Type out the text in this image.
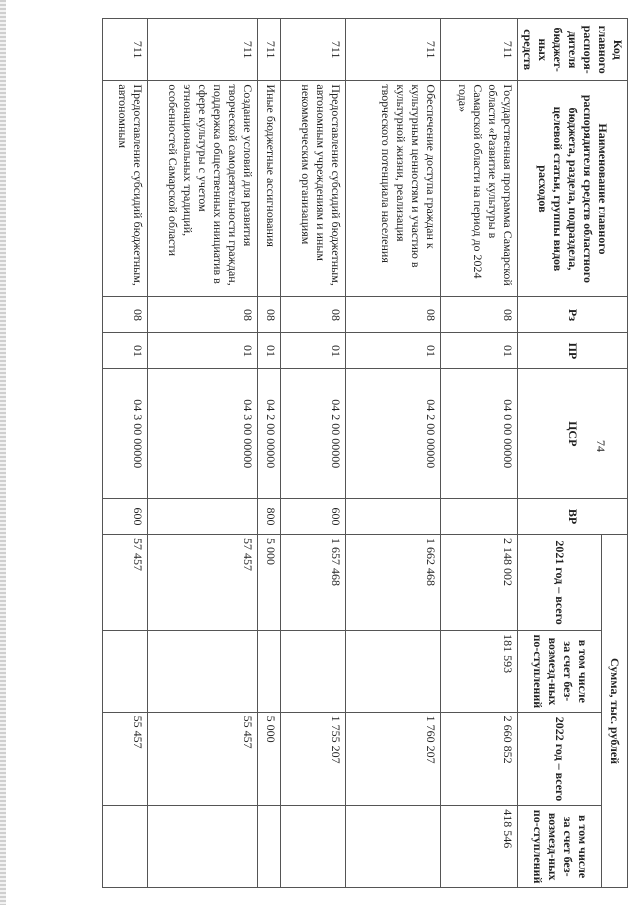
74
Код главного распоря-дителя бюджет-ных средств	Наименование главного распорядителя средств областного бюджета, раздела, подраздела, целевой статьи, группы видов расходов	Рз	ПР	ЦСР	ВР	Сумма, тыс. рублей			
						2021 год – всего	в том числе за счет без-возмезд-ных по-ступлений	2022 год – всего	в том числе за счет без-возмезд-ных по-ступлений
711	Государственная программа Самарской области «Развитие культуры в Самарской области на период до 2024 года»	08	01	04 0 00 00000		2 148 002	181 593	2 660 852	418 546
711	Обеспечение доступа граждан к культурным ценностям и участию в культурной жизни, реализация творческого потенциала населения	08	01	04 2 00 00000		1 662 468		1 760 207	
711	Предоставление субсидий бюджетным, автономным учреждениям и иным некоммерческим организациям	08	01	04 2 00 00000	600	1 657 468		1 755 207	
711	Иные бюджетные ассигнования	08	01	04 2 00 00000	800	5 000		5 000	
711	Создание условий для развития творческой самодеятельности граждан, поддержка общественных инициатив в сфере культуры с учетом этнонациональных традиций, особенностей Самарской области	08	01	04 3 00 00000		57 457		55 457	
711	Предоставление субсидий бюджетным, автономным	08	01	04 3 00 00000	600	57 457		55 457	
